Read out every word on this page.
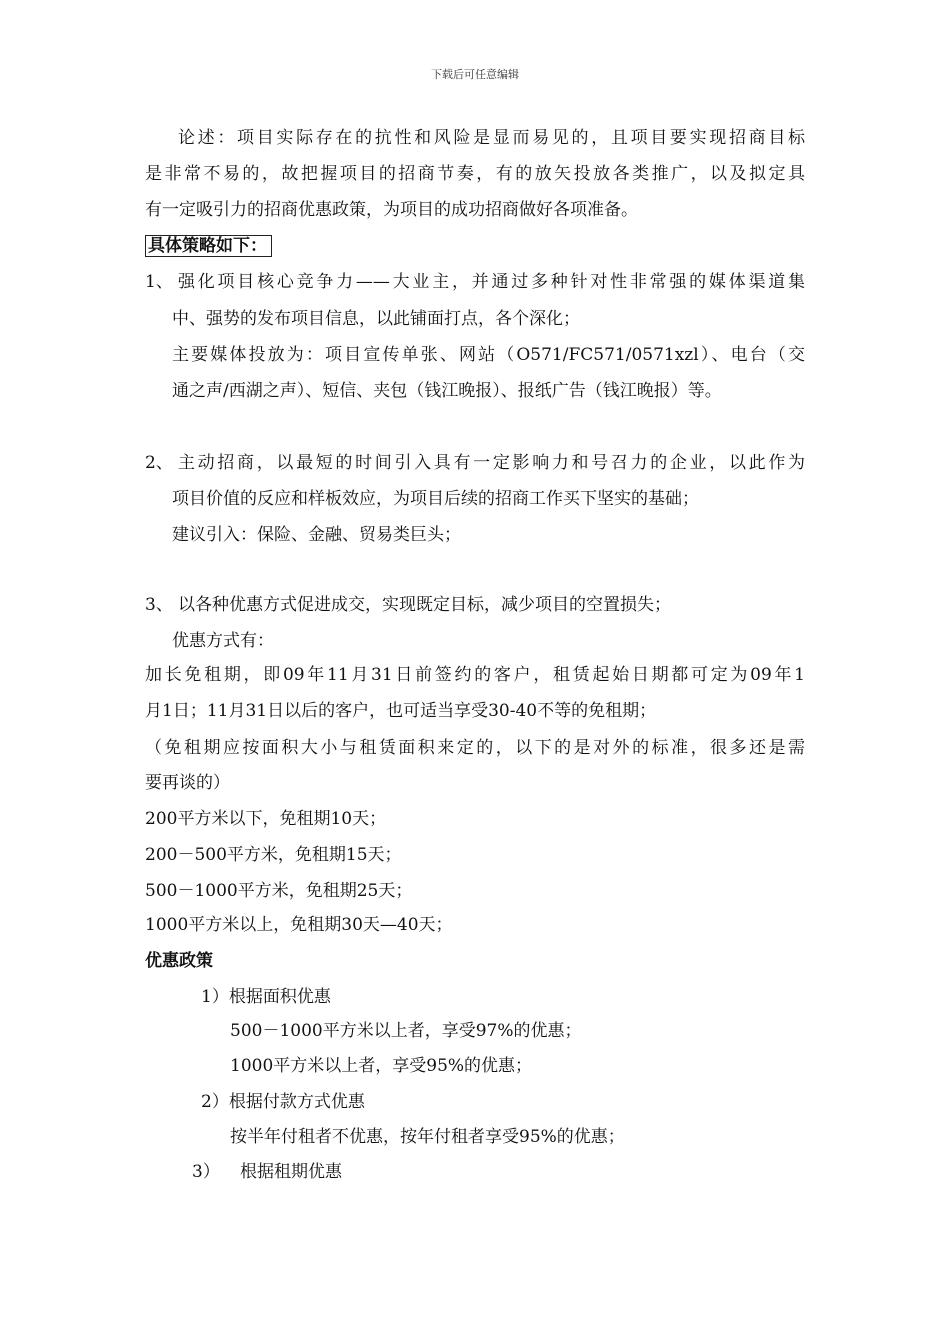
下载后可任意编辑
论述：项目实际存在的抗性和风险是显而易见的，且项目要实现招商目标
是非常不易的，故把握项目的招商节奏，有的放矢投放各类推广，以及拟定具
有一定吸引力的招商优惠政策，为项目的成功招商做好各项准备。
具体策略如下：
1、 强化项目核心竞争力——大业主，并通过多种针对性非常强的媒体渠道集
中、强势的发布项目信息，以此铺面打点，各个深化；
主要媒体投放为：项目宣传单张、网站（O571/FC571/0571xzl）、电台（交
通之声/西湖之声）、短信、夹包（钱江晚报）、报纸广告（钱江晚报）等。
2、 主动招商，以最短的时间引入具有一定影响力和号召力的企业，以此作为
项目价值的反应和样板效应，为项目后续的招商工作买下坚实的基础；
建议引入：保险、金融、贸易类巨头；
3、 以各种优惠方式促进成交，实现既定目标，减少项目的空置损失；
优惠方式有：
加长免租期，即09年11月31日前签约的客户，租赁起始日期都可定为09年1
月1日；11月31日以后的客户，也可适当享受30-40不等的免租期；
（免租期应按面积大小与租赁面积来定的，以下的是对外的标准，很多还是需
要再谈的）
200平方米以下，免租期10天；
200－500平方米，免租期15天；
500－1000平方米，免租期25天；
1000平方米以上，免租期30天—40天；
优惠政策
1）根据面积优惠
500－1000平方米以上者，享受97%的优惠；
1000平方米以上者，享受95%的优惠；
2）根据付款方式优惠
按半年付租者不优惠，按年付租者享受95%的优惠；
3） 根据租期优惠
